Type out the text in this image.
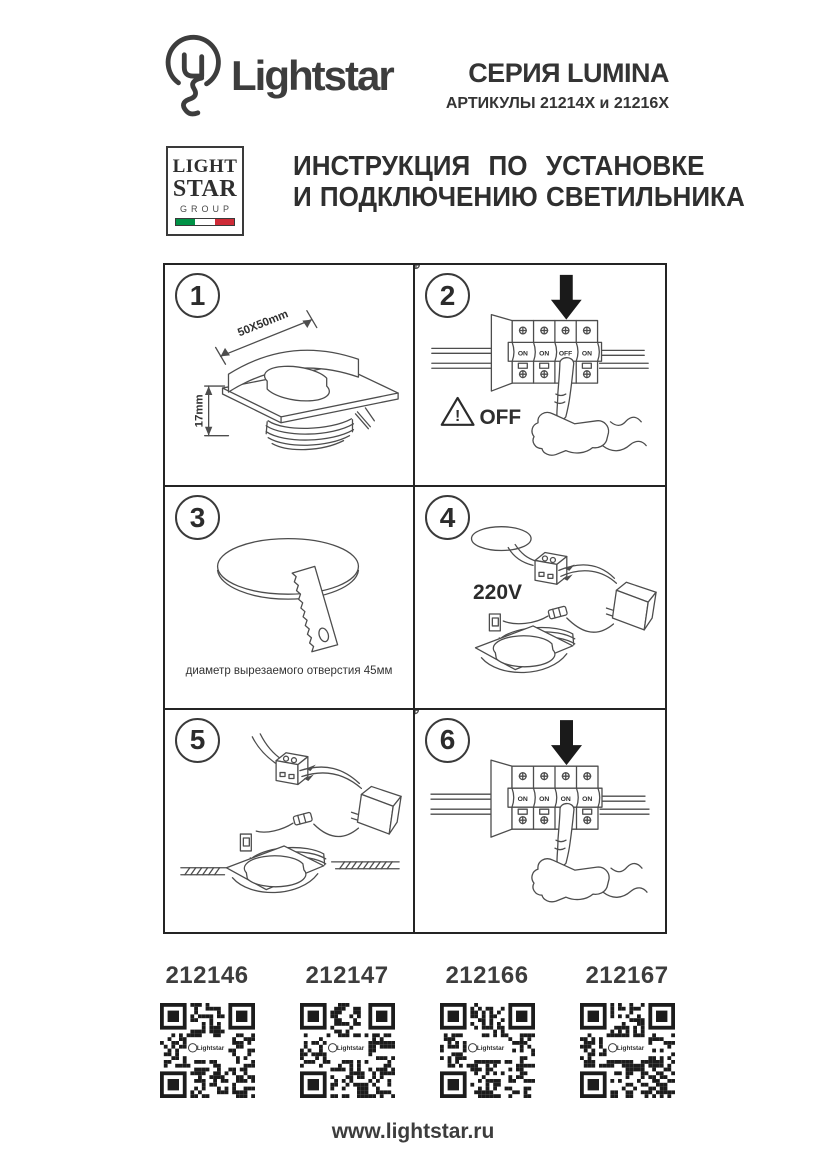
Lightstar	СЕРИЯ LUMINA
АРТИКУЛЫ 21214X и 21216X
LIGHT
STAR
GROUP
ИНСТРУКЦИЯ ПО УСТАНОВКЕ
И ПОДКЛЮЧЕНИЮ СВЕТИЛЬНИКА
1
50X50mm
17mm
2
ON ON OFF ON
! OFF
3
диаметр вырезаемого отверстия 45мм
4
220V
5	6
ON ON ON ON
212146
Lightstar
212147
Lightstar
212166
Lightstar
212167
Lightstar
www.lightstar.ru
